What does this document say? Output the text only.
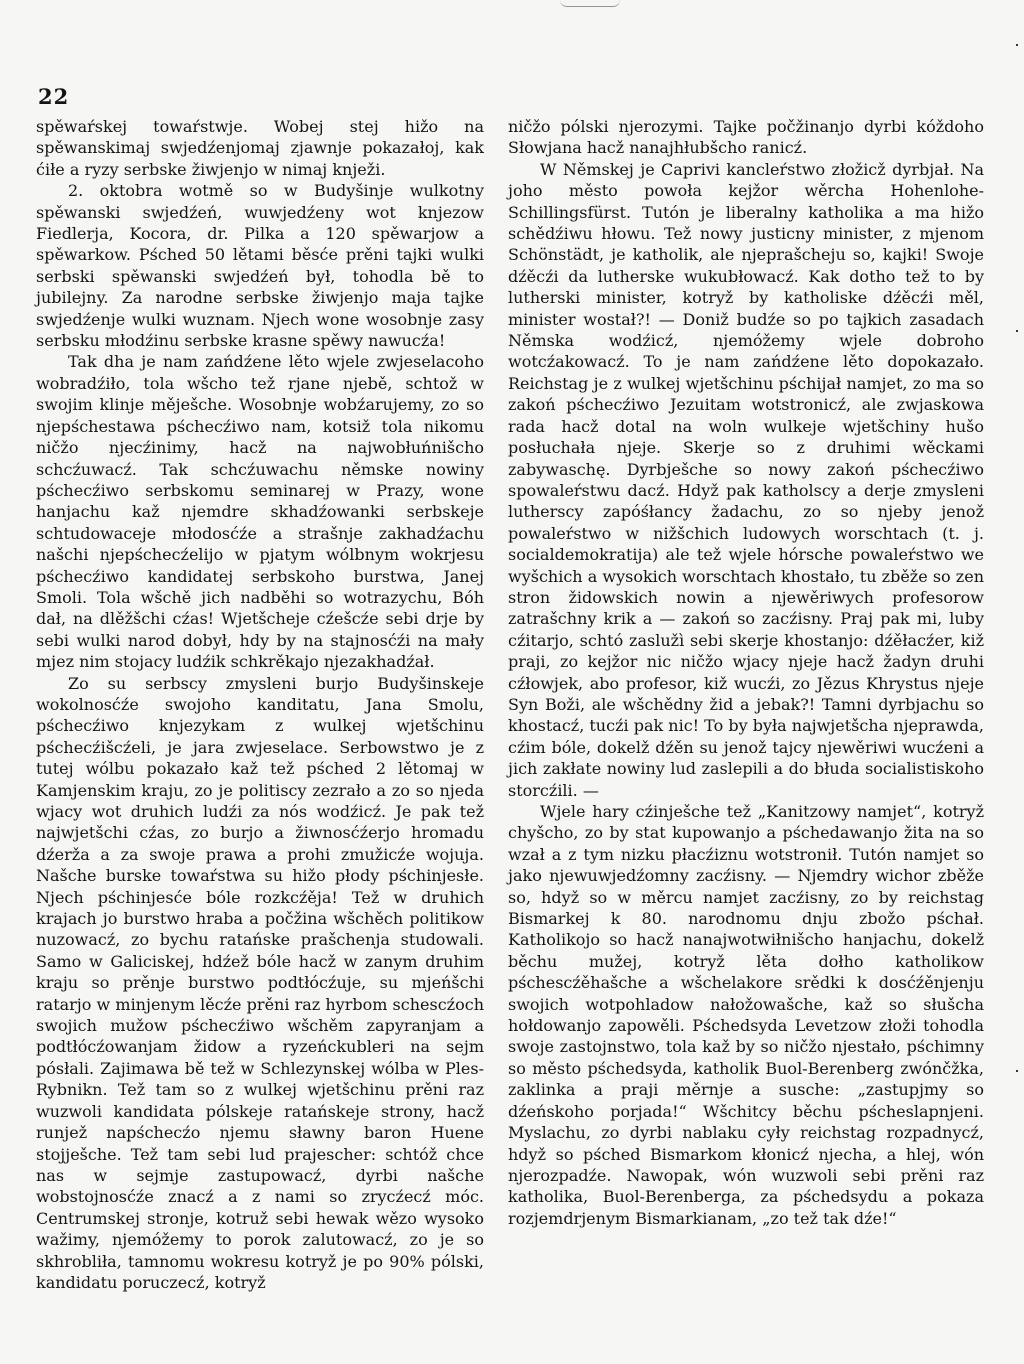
22

spěwaŕskej towaŕstwje. Wobej stej hižo na spěwanskimaj swjedźenjomaj zjawnje pokazałoj, kak ćiłe a ryzy serbske žiwjenjo w nimaj knježi.

2. oktobra wotmě so w Budyšinje wulkotny spěwanski swjedźeń, wuwjedźeny wot knjezow Fiedlerja, Kocora, dr. Pilka a 120 spěwarjow a spěwarkow. Pśched 50 lětami běsće prěni tajki wulki serbski spěwanski swjedźeń był, tohodla bě to jubilejny. Za narodne serbske žiwjenjo maja tajke swjedźenje wulki wuznam. Njech wone wosobnje zasy serbsku młodźinu serbske krasne spěwy nawucźa!

Tak dha je nam zańdźene lěto wjele zwjeselacoho wobradźiło, tola wšcho tež rjane njebě, schtož w swojim klinje měješche. Wosobnje wobźarujemy, zo so njepśchestawa pśchecźiwo nam, kotsiž tola nikomu ničžo njecźinimy, hacž na najwobłuńnišcho schcźuwacź. Tak schcźuwachu němske nowiny pśchecźiwo serbskomu seminarej w Prazy, wone hanjachu kaž njemdre skhadźowanki serbskeje schtudowaceje młodosćźe a strašnje zakhadźachu našchi njepśchecźelijo w pjatym wólbnym wokrjesu pśchecźiwo kandidatej serbskoho burstwa, Janej Smoli. Tola wšchě jich nadběhi so wotrazychu, Bóh dał, na dlěžšchi cźas! Wjetšcheje cźešcźe sebi drje by sebi wulki narod dobył, hdy by na stajnosćźi na mały mjez nim stojacy ludźik schkrěkajo njezakhadźał.

Zo su serbscy zmysleni burjo Budyšinskeje wokolnosćźe swojoho kanditatu, Jana Smolu, pśchecźiwo knjezykam z wulkej wjetšchinu pśchecźišcźeli, je jara zwjeselace. Serbowstwo je z tutej wólbu pokazało kaž tež pśched 2 lětomaj w Kamjenskim kraju, zo je politiscy zezrało a zo so njeda wjacy wot druhich ludźi za nós wodźicź. Je pak tež najwjetšchi cźas, zo burjo a žiwnosćźerjo hromadu dźerža a za swoje prawa a prohi zmužicźe wojuja. Našche burske towaŕstwa su hižo płody pśchinjesłe. Njech pśchinjesće bóle rozkcźěja! Tež w druhich krajach jo burstwo hraba a počžina wšchěch politikow nuzowacź, zo bychu ratańske prašchenja studowali. Samo w Galiciskej, hdźež bóle hacž w zanym druhim kraju so prěnje burstwo podtłócźuje, su mjeńšchi ratarjo w minjenym lěcźe prěni raz hyrbom schescźoch swojich mužow pśchecźiwo wšchěm zapyranjam a podtłócźowanjam židow a ryzeńckubleri na sejm pósłali. Zajimawa bě tež w Schlezynskej wólba w Ples-Rybnikn. Tež tam so z wulkej wjetšchinu prěni raz wuzwoli kandidata pólskeje ratańskeje strony, hacž runjež napśchecźo njemu sławny baron Huene stojješche. Tež tam sebi lud prajescher: schtóž chce nas w sejmje zastupowacź, dyrbi našche wobstojnosćźe znacź a z nami so zrycźecź móc. Centrumskej stronje, kotruž sebi hewak wězo wysoko wažimy, njemóžemy to porok zalutowacź, zo je so skhrobliła, tamnomu wokresu kotryž je po 90% pólski, kandidatu poruczecź, kotryž

ničžo pólski njerozymi. Tajke počžinanjo dyrbi kóždoho Słowjana hacž nanajhłubšcho ranicź.

W Němskej je Caprivi kancleŕstwo złožicž dyrbjał. Na joho město powoła kejžor wěrcha Hohenlohe-Schillingsfürst. Tutón je liberalny katholika a ma hižo schědźiwu hłowu. Tež nowy justicny minister, z mjenom Schönstädt, je katholik, ale njeprašcheju so, kajki! Swoje dźěcźi da lutherske wukubłowacź. Kak dotho tež to by lutherski minister, kotryž by katholiske dźěcźi měl, minister wostał?! — Doniž budźe so po tajkich zasadach Němska wodźicź, njemóžemy wjele dobroho wotcźakowacź. To je nam zańdźene lěto dopokazało. Reichstag je z wulkej wjetšchinu pśchijał namjet, zo ma so zakoń pśchecźiwo Jezuitam wotstronicź, ale zwjaskowa rada hacž dotal na woln wulkeje wjetšchiny hušo posłuchała njeje. Skerje so z druhimi wěckami zabywaschę. Dyrbješche so nowy zakoń pśchecźiwo spowaleŕstwu dacź. Hdyž pak katholscy a derje zmysleni lutherscy zapóśłancy žadachu, zo so njeby jenož powaleŕstwo w nižšchich ludowych worschtach (t. j. socialdemokratija) ale tež wjele hórsche powaleŕstwo we wyšchich a wysokich worschtach khostało, tu zběže so zen stron židowskich nowin a njewěriwych profesorow zatrašchny krik a — zakoń so zacźisny. Praj pak mi, luby cźitarjo, schtó zaslužì sebi skerje khostanjo: dźěłacźer, kiž praji, zo kejžor nic ničžo wjacy njeje hacž žadyn druhi cźłowjek, abo profesor, kiž wucźi, zo Jězus Khrystus njeje Syn Boži, ale wšchědny žid a jebak?! Tamni dyrbjachu so khostacź, tucźi pak nic! To by była najwjetšcha njeprawda, cźim bóle, dokelž dźěn su jenož tajcy njewěriwi wucźeni a jich zakłate nowiny lud zaslepili a do błuda socialistiskoho storcźili. —

Wjele hary cźinješche tež „Kanitzowy namjet“, kotryž chyšcho, zo by stat kupowanjo a pśchedawanjo žita na so wzał a z tym nizku płacźiznu wotstronił. Tutón namjet so jako njewuwjedźomny zacźisny. — Njemdry wichor zběže so, hdyž so w měrcu namjet zacźisny, zo by reichstag Bismarkej k 80. narodnomu dnju zbožo pśchał. Katholikojo so hacž nanajwotwiłnišcho hanjachu, dokelž běchu mužej, kotryž lěta dołho katholikow pśchescźěhašche a wšchelakore srědki k dosćźěnjenju swojich wotpohladow nałožowašche, kaž so słušcha hołdowanjo zapowěli. Pśchedsyda Levetzow złoži tohodla swoje zastojnstwo, tola kaž by so ničžo njestało, pśchimny so město pśchedsyda, katholik Buol-Berenberg zwónčžka, zaklinka a praji měrnje a susche: „zastupjmy so dźeńskoho porjada!“ Wšchitcy běchu pścheslapnjeni. Myslachu, zo dyrbi nablaku cyły reichstag rozpadnycź, hdyž so pśched Bismarkom kłonicź njecha, a hlej, wón njerozpadźe. Nawopak, wón wuzwoli sebi prěni raz katholika, Buol-Berenberga, za pśchedsydu a pokaza rozjemdrjenym Bismarkianam, „zo tež tak dźe!“
